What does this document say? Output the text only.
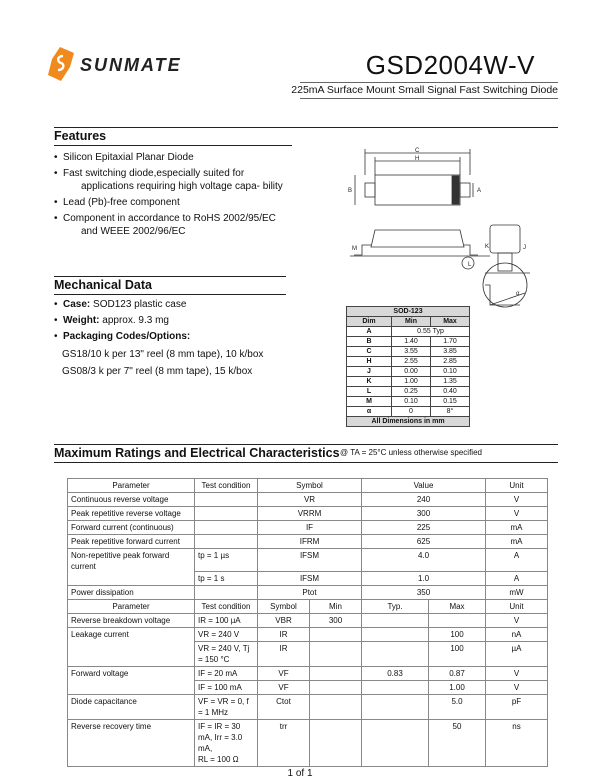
SUNMATE	GSD2004W-V
225mA Surface Mount Small Signal Fast Switching Diode
Features
• Silicon Epitaxial Planar Diode
• Fast switching diode,especially suited for
applications requiring high voltage capa- bility
• Lead (Pb)-free component
• Component in accordance to RoHS 2002/95/EC
and WEEE 2002/96/EC
C
H
B	A
M	K	J
L
α
SOD-123		
Dim	Min	Max
A	0.55 Typ	
B	1.40	1.70
C	3.55	3.85
H	2.55	2.85
J	0.00	0.10
K	1.00	1.35
L	0.25	0.40
M	0.10	0.15
α	0	8°
All Dimensions in mm		
Mechanical Data
• Case: SOD123 plastic case
• Weight: approx. 9.3 mg
• Packaging Codes/Options:
GS18/10 k per 13" reel (8 mm tape), 10 k/box
GS08/3 k per 7" reel (8 mm tape), 15 k/box
Maximum Ratings and Electrical Characteristics @ TA = 25°C unless otherwise specified
Parameter	Test condition	Symbol		Value		Unit
Continuous reverse voltage		VR		240		V
Peak repetitive reverse voltage		VRRM		300		V
Forward current (continuous)		IF		225		mA
Peak repetitive forward current		IFRM		625		mA
Non-repetitive peak forward current	tp = 1 µs	IFSM		4.0		A
	tp = 1 s	IFSM		1.0		A
Power dissipation		Ptot		350		mW
Parameter	Test condition	Symbol	Min	Typ.	Max	Unit
Reverse breakdown voltage	IR = 100 µA	VBR	300			V
Leakage current	VR = 240 V	IR			100	nA
	VR = 240 V, Tj = 150 °C	IR			100	µA
Forward voltage	IF = 20 mA	VF		0.83	0.87	V
	IF = 100 mA	VF			1.00	V
Diode capacitance	VF = VR = 0, f = 1 MHz	Ctot			5.0	pF
Reverse recovery time	IF = IR = 30 mA, Irr = 3.0 mA,
RL = 100 Ω	trr			50	ns
1 of 1
